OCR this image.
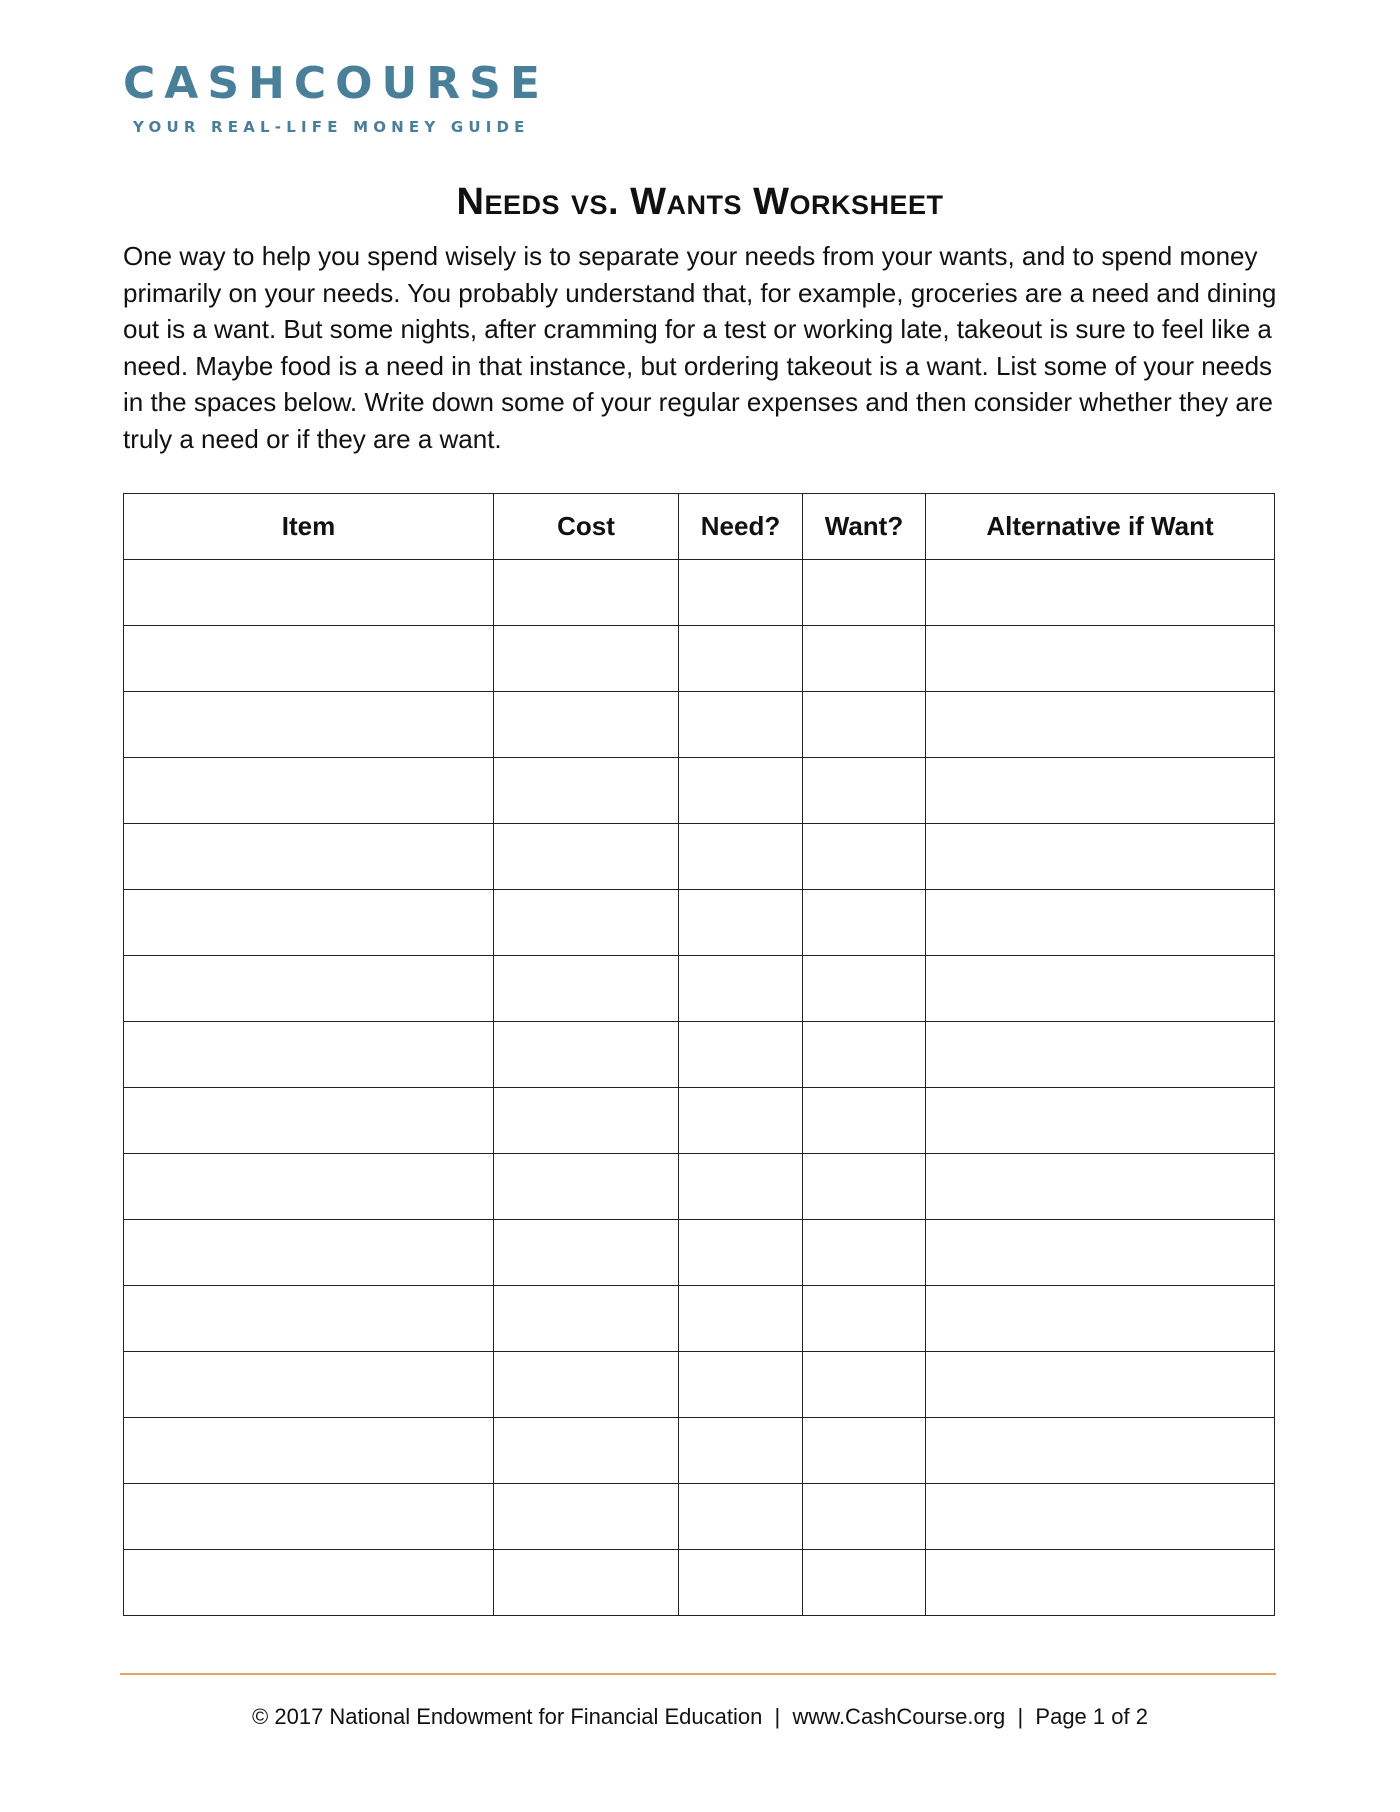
CASHCOURSE
YOUR REAL-LIFE MONEY GUIDE
Needs vs. Wants Worksheet
One way to help you spend wisely is to separate your needs from your wants, and to spend money primarily on your needs. You probably understand that, for example, groceries are a need and dining out is a want. But some nights, after cramming for a test or working late, takeout is sure to feel like a need. Maybe food is a need in that instance, but ordering takeout is a want. List some of your needs in the spaces below. Write down some of your regular expenses and then consider whether they are truly a need or if they are a want.
Item	Cost	Need?	Want?	Alternative if Want

© 2017 National Endowment for Financial Education  |  www.CashCourse.org  |  Page 1 of 2
